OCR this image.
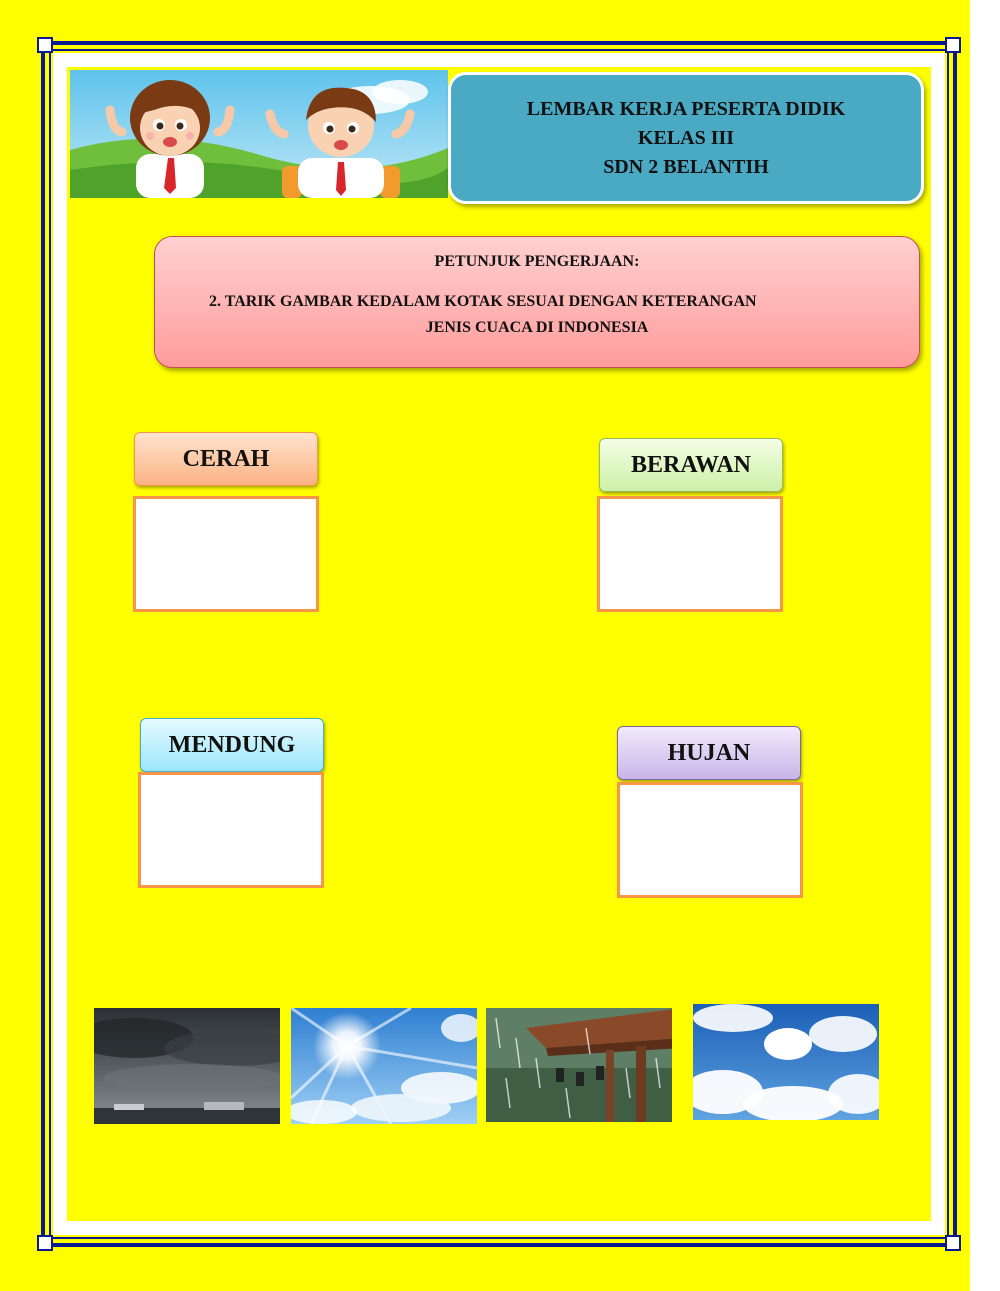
LEMBAR KERJA PESERTA DIDIK
KELAS III
SDN 2 BELANTIH
PETUNJUK PENGERJAAN:
2. TARIK GAMBAR KEDALAM KOTAK SESUAI DENGAN KETERANGAN
JENIS CUACA DI INDONESIA
CERAH	BERAWAN
MENDUNG	HUJAN
